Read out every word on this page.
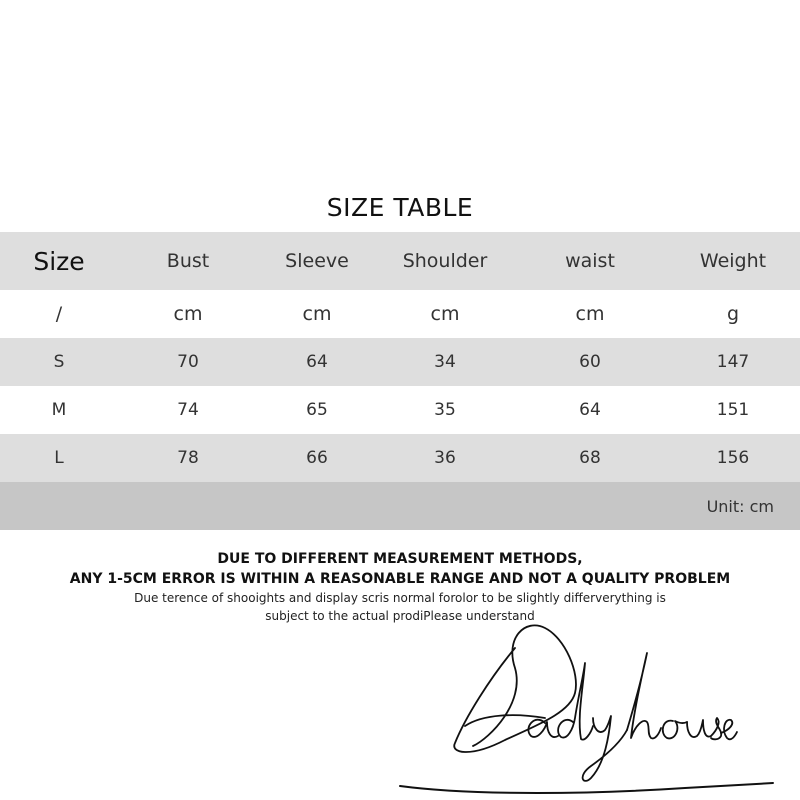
SIZE TABLE
Size	Bust	Sleeve	Shoulder	waist	Weight
/	cm	cm	cm	cm	g
S	70	64	34	60	147
M	74	65	35	64	151
L	78	66	36	68	156
Unit: cm
DUE TO DIFFERENT MEASUREMENT METHODS,
ANY 1-5CM ERROR IS WITHIN A REASONABLE RANGE AND NOT A QUALITY PROBLEM
Due terence of shooights and display scris normal forolor to be slightly differverything is
subject to the actual prodiPlease understand
